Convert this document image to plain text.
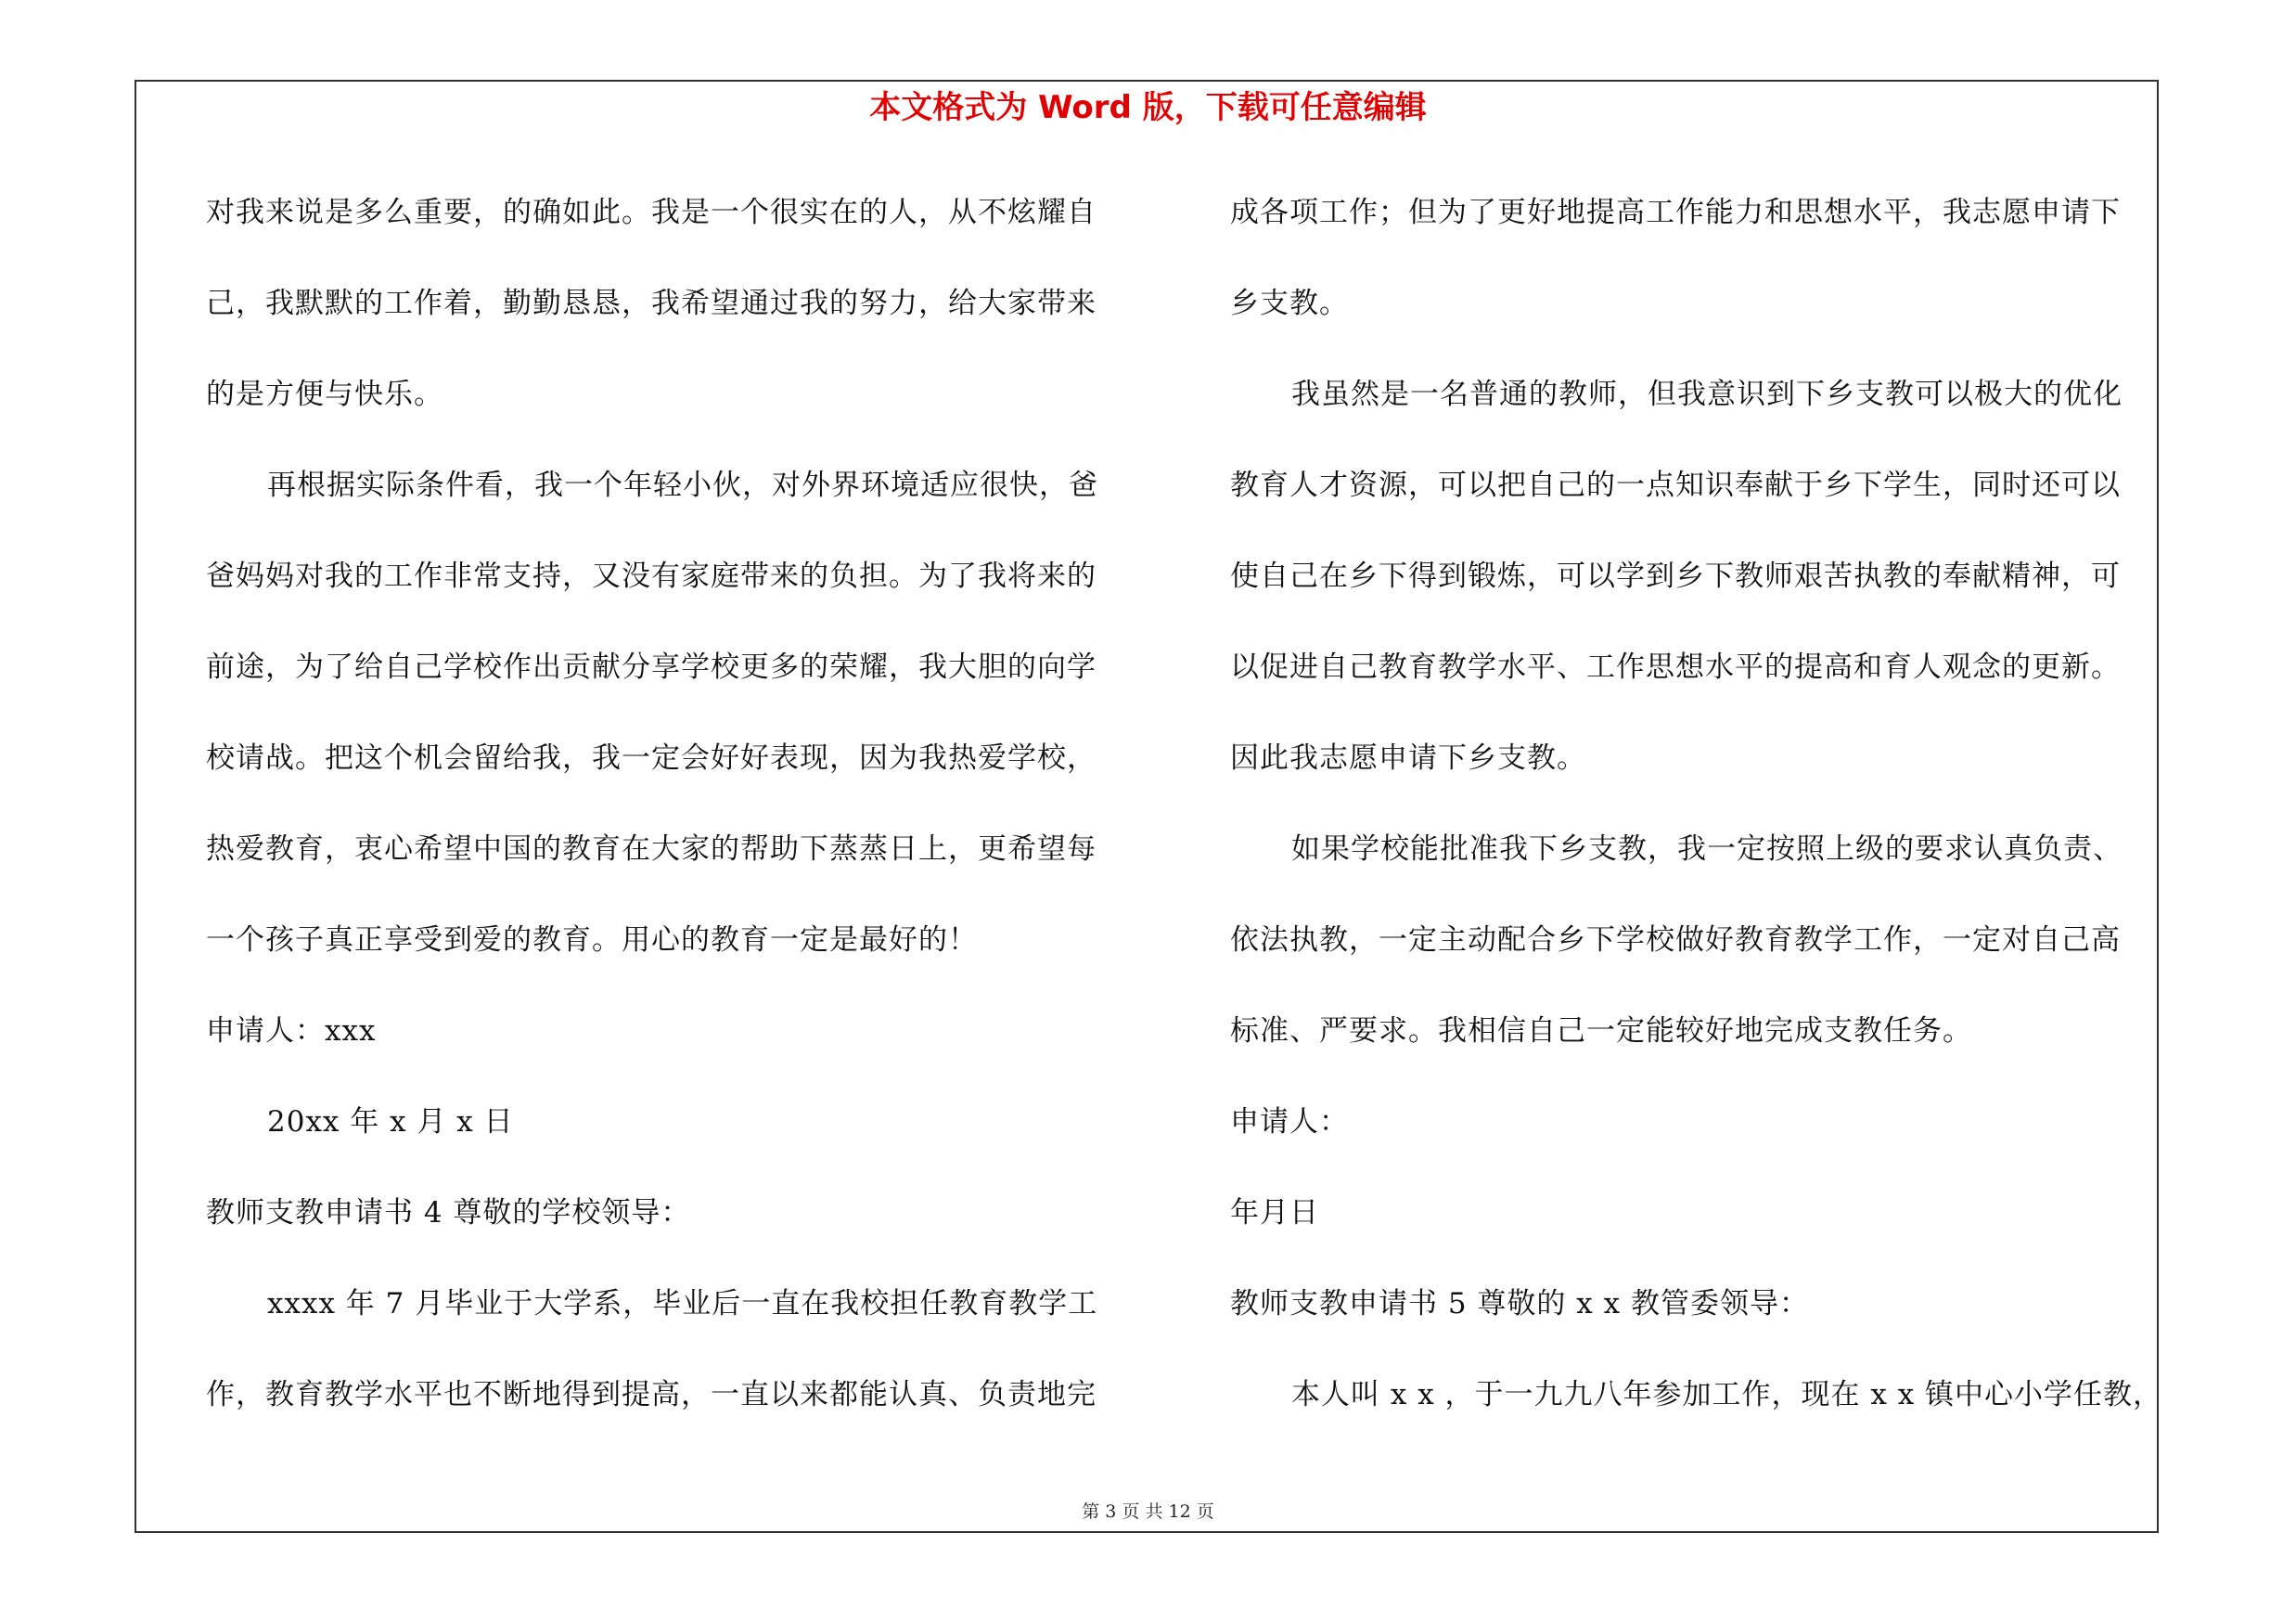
本文格式为 Word 版，下载可任意编辑
对我来说是多么重要，的确如此。我是一个很实在的人，从不炫耀自
己，我默默的工作着，勤勤恳恳，我希望通过我的努力，给大家带来
的是方便与快乐。
再根据实际条件看，我一个年轻小伙，对外界环境适应很快，爸
爸妈妈对我的工作非常支持，又没有家庭带来的负担。为了我将来的
前途，为了给自己学校作出贡献分享学校更多的荣耀，我大胆的向学
校请战。把这个机会留给我，我一定会好好表现，因为我热爱学校，
热爱教育，衷心希望中国的教育在大家的帮助下蒸蒸日上，更希望每
一个孩子真正享受到爱的教育。用心的教育一定是最好的！
申请人：xxx
20xx 年 x 月 x 日
教师支教申请书 4 尊敬的学校领导：
xxxx 年 7 月毕业于大学系，毕业后一直在我校担任教育教学工
作，教育教学水平也不断地得到提高，一直以来都能认真、负责地完
成各项工作；但为了更好地提高工作能力和思想水平，我志愿申请下
乡支教。
我虽然是一名普通的教师，但我意识到下乡支教可以极大的优化
教育人才资源，可以把自己的一点知识奉献于乡下学生，同时还可以
使自己在乡下得到锻炼，可以学到乡下教师艰苦执教的奉献精神，可
以促进自己教育教学水平、工作思想水平的提高和育人观念的更新。
因此我志愿申请下乡支教。
如果学校能批准我下乡支教，我一定按照上级的要求认真负责、
依法执教，一定主动配合乡下学校做好教育教学工作，一定对自己高
标准、严要求。我相信自己一定能较好地完成支教任务。
申请人：
年月日
教师支教申请书 5 尊敬的 x x 教管委领导：
本人叫 x x ，于一九九八年参加工作，现在 x x 镇中心小学任教，
第 3 页 共 12 页
